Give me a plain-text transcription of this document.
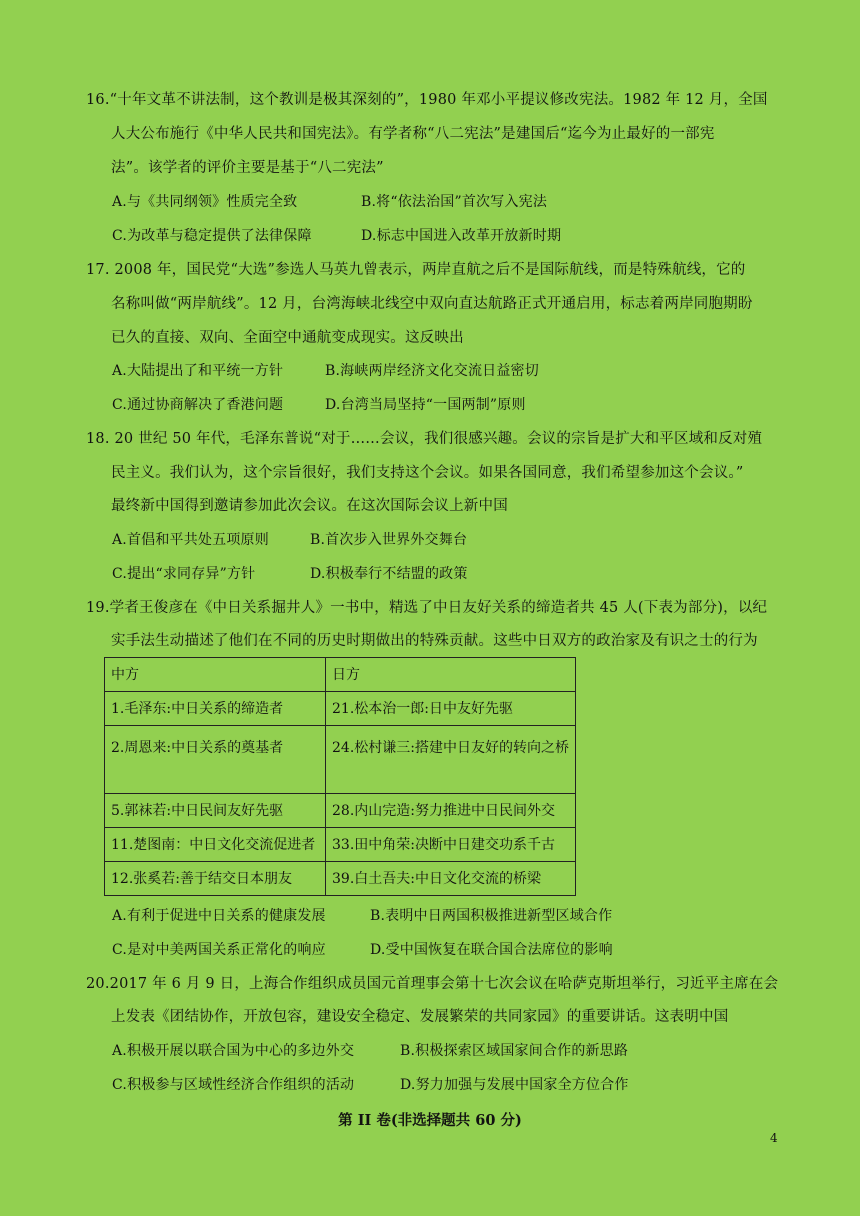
16.“十年文革不讲法制，这个教训是极其深刻的”，1980 年邓小平提议修改宪法。1982 年 12 月，全国
人大公布施行《中华人民共和国宪法》。有学者称“八二宪法”是建国后“迄今为止最好的一部宪
法”。该学者的评价主要是基于“八二宪法”
A.与《共同纲领》性质完全致	B.将“依法治国”首次写入宪法
C.为改革与稳定提供了法律保障	D.标志中国进入改革开放新时期
17. 2008 年，国民党“大选”参选人马英九曾表示，两岸直航之后不是国际航线，而是特殊航线，它的
名称叫做“两岸航线”。12 月，台湾海峡北线空中双向直达航路正式开通启用，标志着两岸同胞期盼
已久的直接、双向、全面空中通航变成现实。这反映出
A.大陆提出了和平统一方针	B.海峡两岸经济文化交流日益密切
C.通过协商解决了香港问题	D.台湾当局坚持“一国两制”原则
18. 20 世纪 50 年代，毛泽东普说“对于……会议，我们很感兴趣。会议的宗旨是扩大和平区域和反对殖
民主义。我们认为，这个宗旨很好，我们支持这个会议。如果各国同意，我们希望参加这个会议。”
最终新中国得到邀请参加此次会议。在这次国际会议上新中国
A.首倡和平共处五项原则	B.首次步入世界外交舞台
C.提出“求同存异”方针	D.积极奉行不结盟的政策
19.学者王俊彦在《中日关系掘井人》一书中，精选了中日友好关系的缔造者共 45 人(下表为部分)，以纪
实手法生动描述了他们在不同的历史时期做出的特殊贡献。这些中日双方的政治家及有识之士的行为
中方	日方
1.毛泽东:中日关系的缔造者	21.松本治一郎:日中友好先驱
2.周恩来:中日关系的奠基者	24.松村谦三:搭建中日友好的转向之桥
5.郭袜若:中日民间友好先驱	28.内山完造:努力推进中日民间外交
11.楚图南：中日文化交流促进者	33.田中角荣:决断中日建交功系千古
12.张奚若:善于结交日本朋友	39.白土吾夫:中日文化交流的桥梁
A.有利于促进中日关系的健康发展	B.表明中日两国积极推进新型区域合作
C.是对中美两国关系正常化的响应	D.受中国恢复在联合国合法席位的影响
20.2017 年 6 月 9 日，上海合作组织成员国元首理事会第十七次会议在哈萨克斯坦举行，习近平主席在会
上发表《团结协作，开放包容，建设安全稳定、发展繁荣的共同家园》的重要讲话。这表明中国
A.积极开展以联合国为中心的多边外交	B.积极探索区域国家间合作的新思路
C.积极参与区域性经济合作组织的活动	D.努力加强与发展中国家全方位合作
第 II 卷(非选择题共 60 分)
4
